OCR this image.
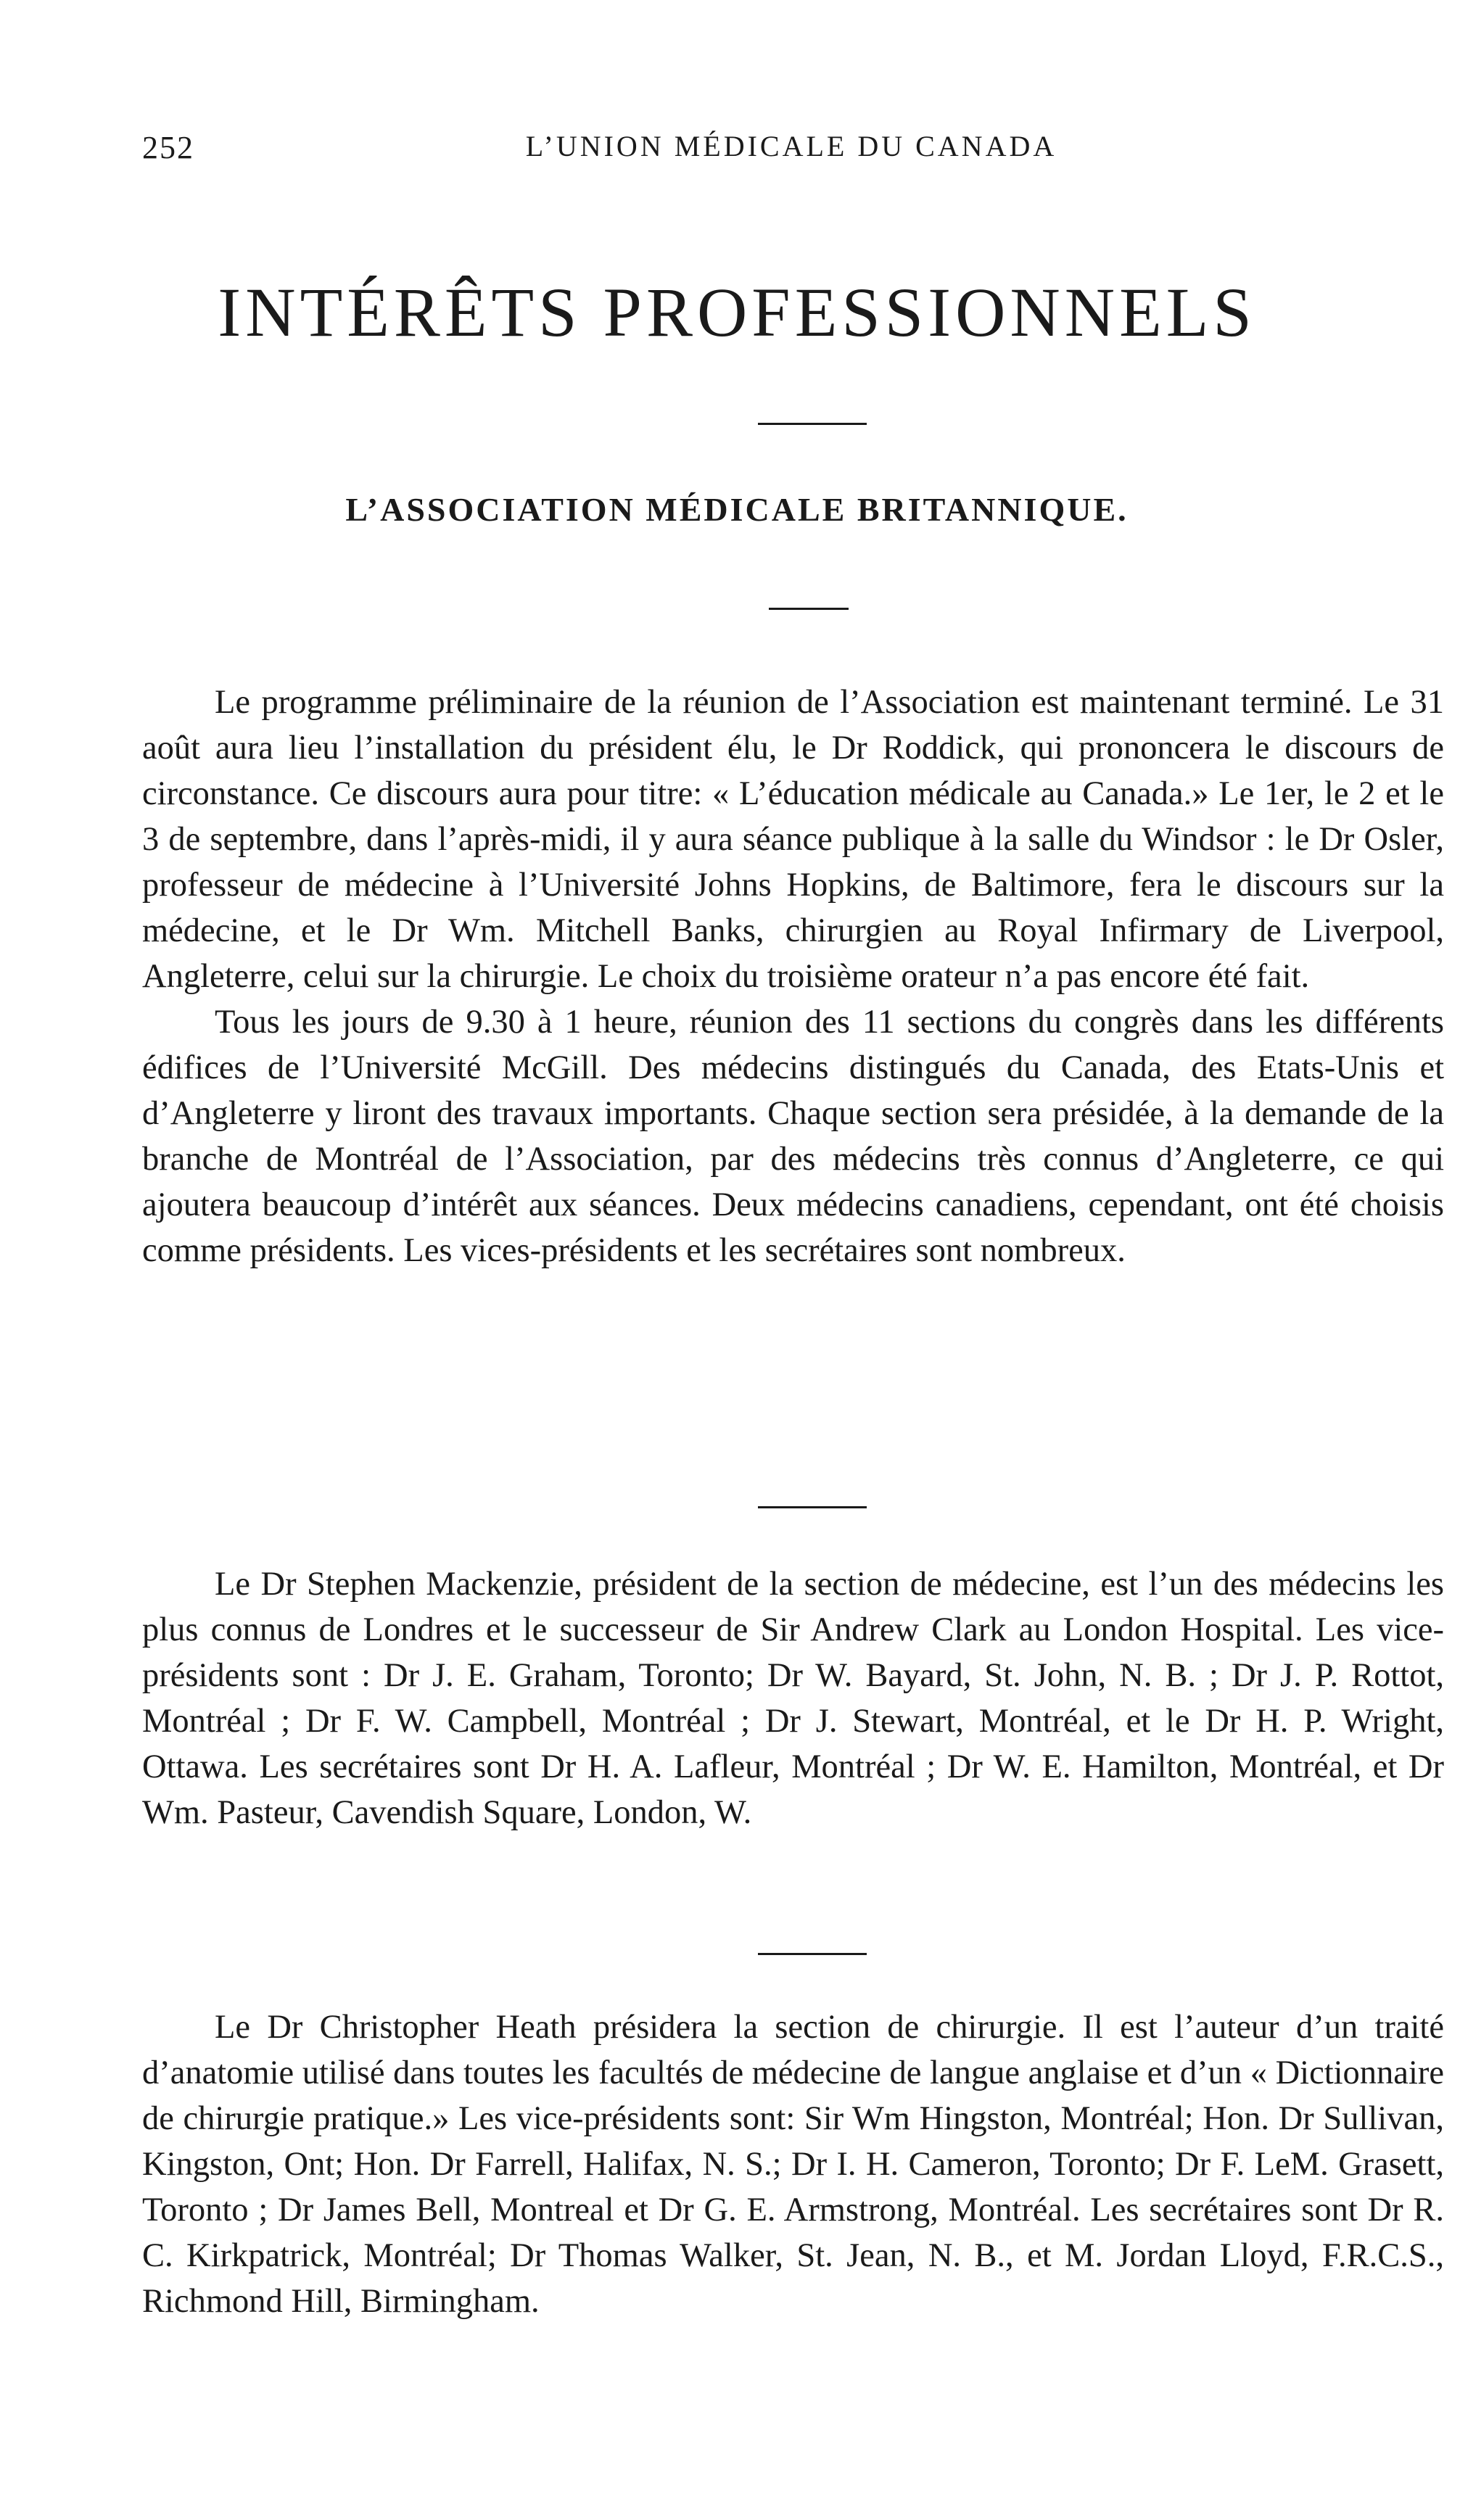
252	L’UNION MÉDICALE DU CANADA
INTÉRÊTS PROFESSIONNELS
L’ASSOCIATION MÉDICALE BRITANNIQUE.

Le programme préliminaire de la réunion de l’Association est maintenant terminé. Le 31 août aura lieu l’installation du président élu, le Dr Roddick, qui prononcera le discours de circonstance. Ce discours aura pour titre: « L’éducation médicale au Canada.» Le 1er, le 2 et le 3 de septembre, dans l’après-midi, il y aura séance publique à la salle du Windsor : le Dr Osler, professeur de médecine à l’Université Johns Hopkins, de Baltimore, fera le discours sur la médecine, et le Dr Wm. Mitchell Banks, chirurgien au Royal Infirmary de Liverpool, Angleterre, celui sur la chirurgie. Le choix du troisième orateur n’a pas encore été fait.

Tous les jours de 9.30 à 1 heure, réunion des 11 sections du congrès dans les différents édifices de l’Université McGill. Des médecins distingués du Canada, des Etats-Unis et d’Angleterre y liront des travaux importants. Chaque section sera présidée, à la demande de la branche de Montréal de l’Association, par des médecins très connus d’Angleterre, ce qui ajoutera beaucoup d’intérêt aux séances. Deux médecins canadiens, cependant, ont été choisis comme présidents. Les vices-présidents et les secrétaires sont nombreux.

Le Dr Stephen Mackenzie, président de la section de médecine, est l’un des médecins les plus connus de Londres et le successeur de Sir Andrew Clark au London Hospital. Les vice-présidents sont : Dr J. E. Graham, Toronto; Dr W. Bayard, St. John, N. B. ; Dr J. P. Rottot, Montréal ; Dr F. W. Campbell, Montréal ; Dr J. Stewart, Montréal, et le Dr H. P. Wright, Ottawa. Les secrétaires sont Dr H. A. Lafleur, Montréal ; Dr W. E. Hamilton, Montréal, et Dr Wm. Pasteur, Cavendish Square, London, W.

Le Dr Christopher Heath présidera la section de chirurgie. Il est l’auteur d’un traité d’anatomie utilisé dans toutes les facultés de médecine de langue anglaise et d’un « Dictionnaire de chirurgie pratique.» Les vice-présidents sont: Sir Wm Hingston, Montréal; Hon. Dr Sullivan, Kingston, Ont; Hon. Dr Farrell, Halifax, N. S.; Dr I. H. Cameron, Toronto; Dr F. LeM. Grasett, Toronto ; Dr James Bell, Montreal et Dr G. E. Armstrong, Montréal. Les secrétaires sont Dr R. C. Kirkpatrick, Montréal; Dr Thomas Walker, St. Jean, N. B., et M. Jordan Lloyd, F.R.C.S., Richmond Hill, Birmingham.
